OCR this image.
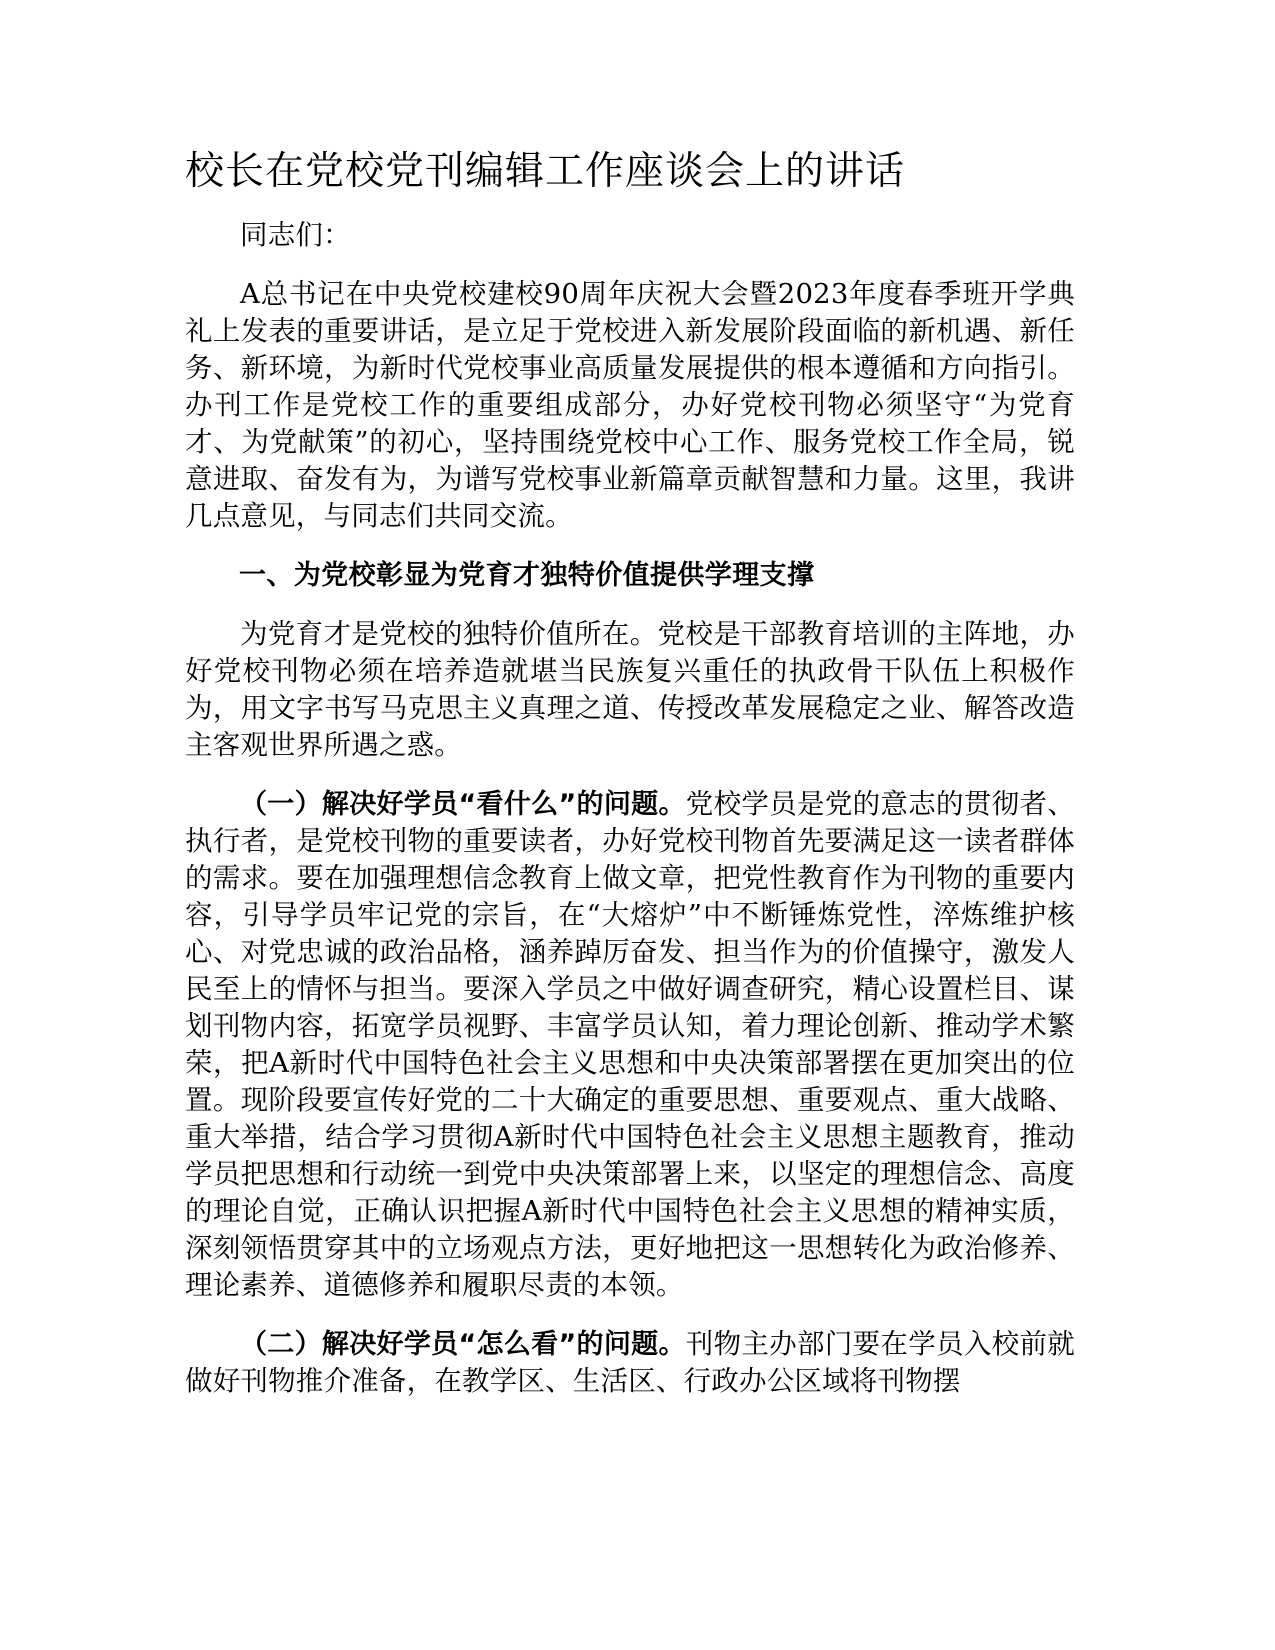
校长在党校党刊编辑工作座谈会上的讲话

同志们：

A总书记在中央党校建校90周年庆祝大会暨2023年度春季班开学典礼上发表的重要讲话，是立足于党校进入新发展阶段面临的新机遇、新任务、新环境，为新时代党校事业高质量发展提供的根本遵循和方向指引。办刊工作是党校工作的重要组成部分，办好党校刊物必须坚守“为党育才、为党献策”的初心，坚持围绕党校中心工作、服务党校工作全局，锐意进取、奋发有为，为谱写党校事业新篇章贡献智慧和力量。这里，我讲几点意见，与同志们共同交流。

一、为党校彰显为党育才独特价值提供学理支撑

为党育才是党校的独特价值所在。党校是干部教育培训的主阵地，办好党校刊物必须在培养造就堪当民族复兴重任的执政骨干队伍上积极作为，用文字书写马克思主义真理之道、传授改革发展稳定之业、解答改造主客观世界所遇之惑。

（一）解决好学员“看什么”的问题。党校学员是党的意志的贯彻者、执行者，是党校刊物的重要读者，办好党校刊物首先要满足这一读者群体的需求。要在加强理想信念教育上做文章，把党性教育作为刊物的重要内容，引导学员牢记党的宗旨，在“大熔炉”中不断锤炼党性，淬炼维护核心、对党忠诚的政治品格，涵养踔厉奋发、担当作为的价值操守，激发人民至上的情怀与担当。要深入学员之中做好调查研究，精心设置栏目、谋划刊物内容，拓宽学员视野、丰富学员认知，着力理论创新、推动学术繁荣，把A新时代中国特色社会主义思想和中央决策部署摆在更加突出的位置。现阶段要宣传好党的二十大确定的重要思想、重要观点、重大战略、重大举措，结合学习贯彻A新时代中国特色社会主义思想主题教育，推动学员把思想和行动统一到党中央决策部署上来，以坚定的理想信念、高度的理论自觉，正确认识把握A新时代中国特色社会主义思想的精神实质，深刻领悟贯穿其中的立场观点方法，更好地把这一思想转化为政治修养、理论素养、道德修养和履职尽责的本领。

（二）解决好学员“怎么看”的问题。刊物主办部门要在学员入校前就做好刊物推介准备，在教学区、生活区、行政办公区域将刊物摆
